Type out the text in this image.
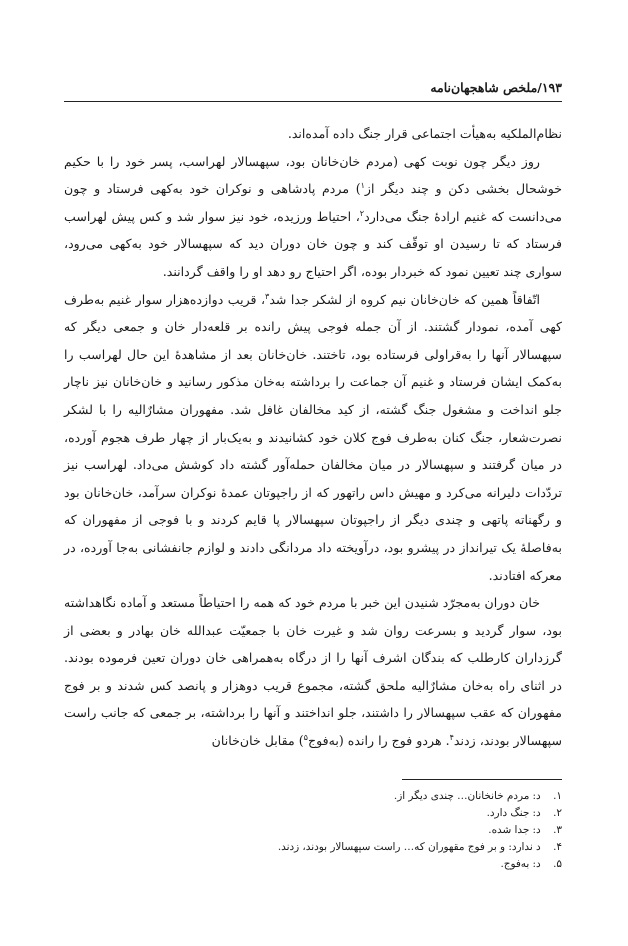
۱۹۳/ملخص شاهجهان‌نامه

نظام‌الملکیه به‌هیأت اجتماعی قرار جنگ داده آمده‌اند.

روز دیگر چون نوبت کهی (مردم خان‌خانان بود، سپهسالار لهراسب، پسر خود را با حکیم خوشحال بخشی دکن و چند دیگر از$^۱$) مردم پادشاهی و نوکران خود به‌کهی فرستاد و چون می‌دانست که غنیم ارادهٔ جنگ می‌دارد$^۲$، احتیاط ورزیده، خود نیز سوار شد و کس پیش لهراسب فرستاد که تا رسیدن او توقّف کند و چون خان دوران دید که سپهسالار خود به‌کهی می‌رود، سواری چند تعیین نمود که خبردار بوده، اگر احتیاج رو دهد او را واقف گردانند.

اتّفاقاً همین که خان‌خانان نیم کروه از لشکر جدا شد$^۳$، قریب دوازده‌هزار سوار غنیم به‌طرف کهی آمده، نمودار گشتند. از آن جمله فوجی پیش رانده بر قلعه‌دار خان و جمعی دیگر که سپهسالار آنها را به‌قراولی فرستاده بود، تاختند. خان‌خانان بعد از مشاهدهٔ این حال لهراسب را به‌کمک ایشان فرستاد و غنیم آن جماعت را برداشته به‌خان مذکور رسانید و خان‌خانان نیز ناچار جلو انداخت و مشغول جنگ گشته، از کید مخالفان غافل شد. مفهوران مشارٌالیه را با لشکر نصرت‌شعار، جنگ کنان به‌طرف فوج کلان خود کشانیدند و به‌یک‌بار از چهار طرف هجوم آورده، در میان گرفتند و سپهسالار در میان مخالفان حمله‌آور گشته داد کوشش می‌داد. لهراسب نیز تردّدات دلیرانه می‌کرد و مهیش داس راتهور که از راجپوتان عمدهٔ نوکران سرآمد، خان‌خانان بود و رگهناته پاتهی و چندی دیگر از راجپوتان سپهسالار پا قایم کردند و با فوجی از مفهوران که به‌فاصلهٔ یک تیرانداز در پیشرو بود، درآویخته داد مردانگی دادند و لوازم جانفشانی به‌جا آورده، در معرکه افتادند.

خان دوران به‌مجرّد شنیدن این خبر با مردم خود که همه را احتیاطاً مستعد و آماده نگاهداشته بود، سوار گردید و بسرعت روان شد و غیرت خان با جمعیّت عبدالله خان بهادر و بعضی از گرزداران کارطلب که بندگان اشرف آنها را از درگاه به‌همراهی خان دوران تعین فرموده بودند. در اثنای راه به‌خان مشارٌالیه ملحق گشته، مجموع قریب دوهزار و پانصد کس شدند و بر فوج مفهوران که عقب سپهسالار را داشتند، جلو انداختند و آنها را برداشته، بر جمعی که جانب راست سپهسالار بودند، زدند$^۴$. هردو فوج را رانده (به‌فوج$^۵$) مقابل خان‌خانان

۱. د: مردم خانخانان… چندی دیگر از.
۲. د: جنگ دارد.
۳. د: جدا شده.
۴. د ندارد: و بر فوج مقهوران که… راست سپهسالار بودند، زدند.
۵. د: به‌فوج.
